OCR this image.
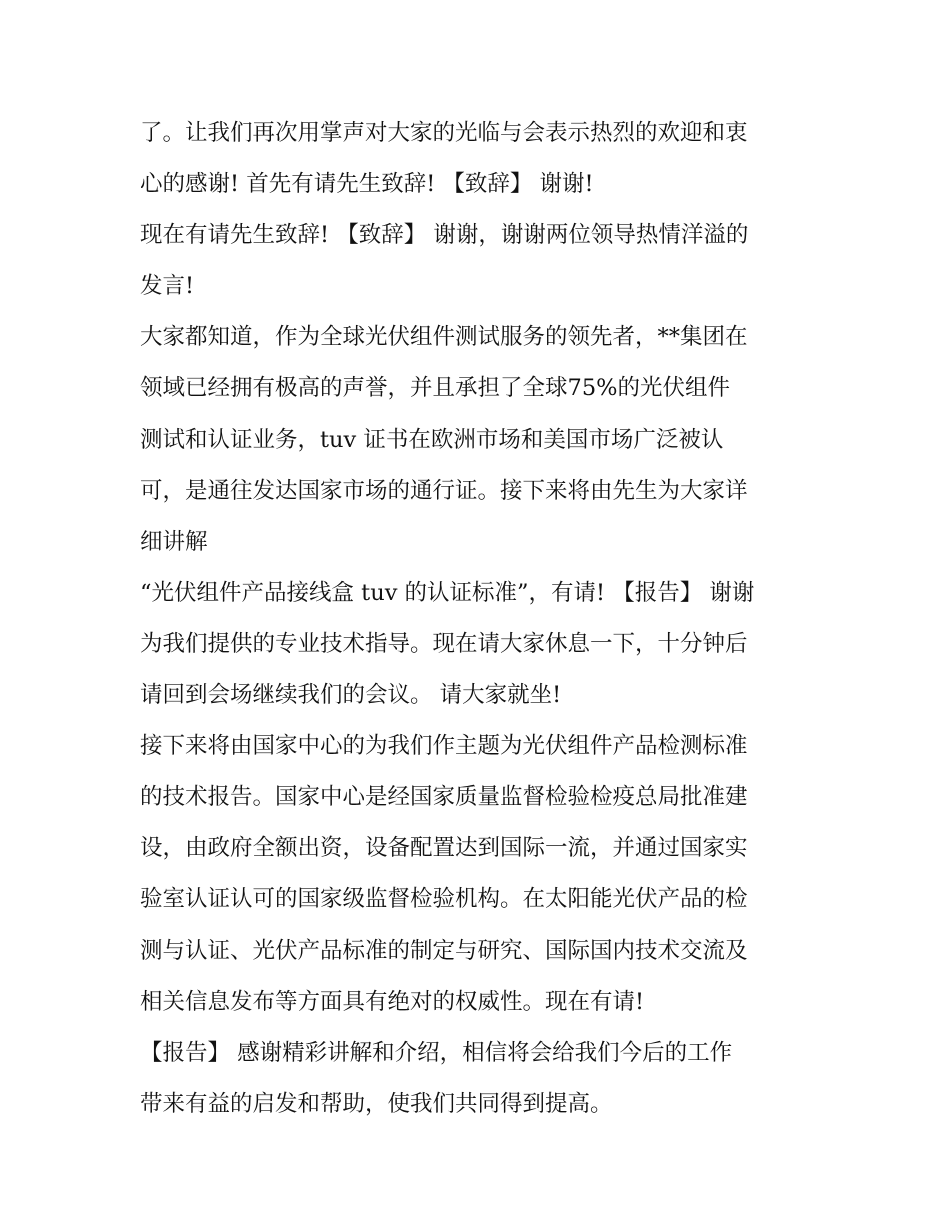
了。让我们再次用掌声对大家的光临与会表示热烈的欢迎和衷
心的感谢! 首先有请先生致辞! 【致辞】 谢谢!
现在有请先生致辞! 【致辞】 谢谢，谢谢两位领导热情洋溢的
发言!
大家都知道，作为全球光伏组件测试服务的领先者，**集团在
领域已经拥有极高的声誉，并且承担了全球75%的光伏组件
测试和认证业务，tuv 证书在欧洲市场和美国市场广泛被认
可，是通往发达国家市场的通行证。接下来将由先生为大家详
细讲解
“光伏组件产品接线盒 tuv 的认证标准”，有请! 【报告】 谢谢
为我们提供的专业技术指导。现在请大家休息一下，十分钟后
请回到会场继续我们的会议。 请大家就坐!
接下来将由国家中心的为我们作主题为光伏组件产品检测标准
的技术报告。国家中心是经国家质量监督检验检疫总局批准建
设，由政府全额出资，设备配置达到国际一流，并通过国家实
验室认证认可的国家级监督检验机构。在太阳能光伏产品的检
测与认证、光伏产品标准的制定与研究、国际国内技术交流及
相关信息发布等方面具有绝对的权威性。现在有请!
【报告】 感谢精彩讲解和介绍，相信将会给我们今后的工作
带来有益的启发和帮助，使我们共同得到提高。
